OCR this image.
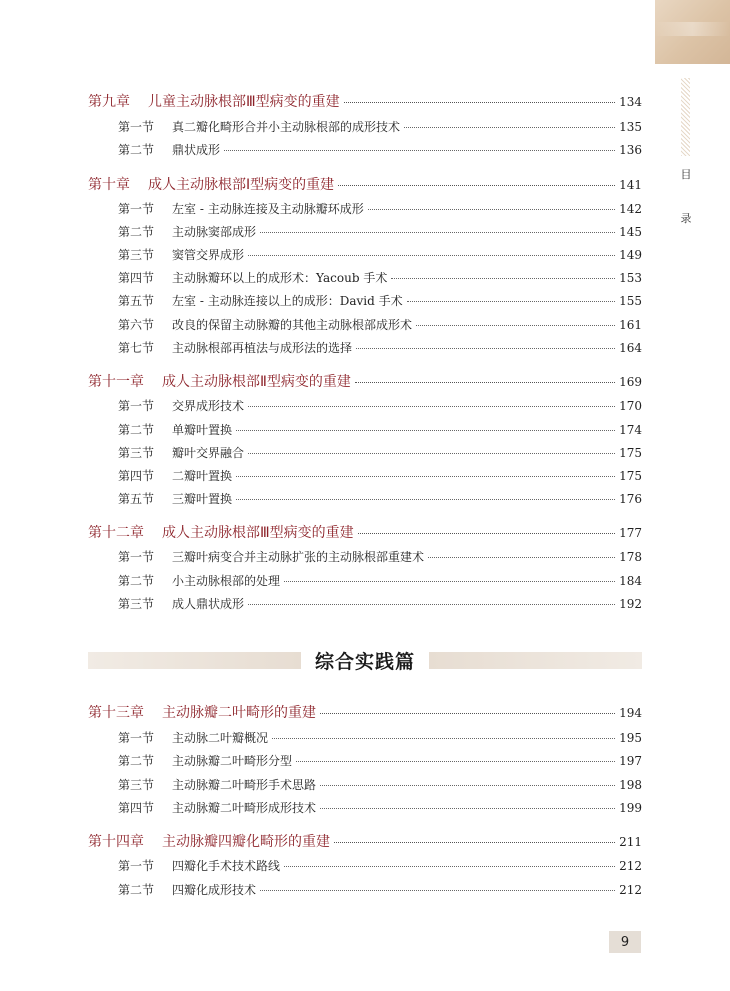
目
录
第九章 儿童主动脉根部Ⅲ型病变的重建	134
第一节 真二瓣化畸形合并小主动脉根部的成形技术	135
第二节 鼎状成形	136
第十章 成人主动脉根部Ⅰ型病变的重建	141
第一节 左室 - 主动脉连接及主动脉瓣环成形	142
第二节 主动脉窦部成形	145
第三节 窦管交界成形	149
第四节 主动脉瓣环以上的成形术：Yacoub 手术	153
第五节 左室 - 主动脉连接以上的成形：David 手术	155
第六节 改良的保留主动脉瓣的其他主动脉根部成形术	161
第七节 主动脉根部再植法与成形法的选择	164
第十一章 成人主动脉根部Ⅱ型病变的重建	169
第一节 交界成形技术	170
第二节 单瓣叶置换	174
第三节 瓣叶交界融合	175
第四节 二瓣叶置换	175
第五节 三瓣叶置换	176
第十二章 成人主动脉根部Ⅲ型病变的重建	177
第一节 三瓣叶病变合并主动脉扩张的主动脉根部重建术	178
第二节 小主动脉根部的处理	184
第三节 成人鼎状成形	192
第十三章 主动脉瓣二叶畸形的重建	194
第一节 主动脉二叶瓣概况	195
第二节 主动脉瓣二叶畸形分型	197
第三节 主动脉瓣二叶畸形手术思路	198
第四节 主动脉瓣二叶畸形成形技术	199
第十四章 主动脉瓣四瓣化畸形的重建	211
第一节 四瓣化手术技术路线	212
第二节 四瓣化成形技术	212
综合实践篇
9
